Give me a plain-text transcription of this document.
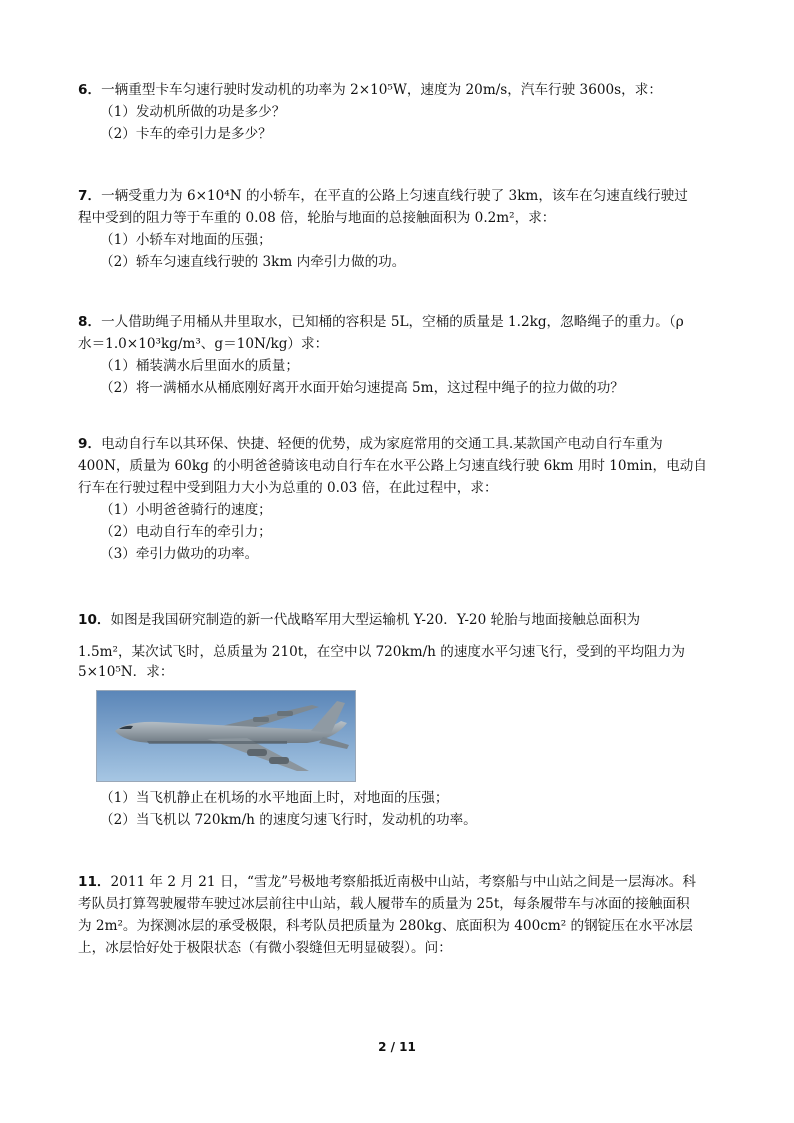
6．一辆重型卡车匀速行驶时发动机的功率为 2×10⁵W，速度为 20m/s，汽车行驶 3600s，求：
（1）发动机所做的功是多少？
（2）卡车的牵引力是多少？
7．一辆受重力为 6×10⁴N 的小轿车，在平直的公路上匀速直线行驶了 3km，该车在匀速直线行驶过
程中受到的阻力等于车重的 0.08 倍，轮胎与地面的总接触面积为 0.2m²，求：
（1）小轿车对地面的压强；
（2）轿车匀速直线行驶的 3km 内牵引力做的功。
8．一人借助绳子用桶从井里取水，已知桶的容积是 5L，空桶的质量是 1.2kg，忽略绳子的重力。（ρ
水＝1.0×10³kg/m³、g＝10N/kg）求：
（1）桶装满水后里面水的质量；
（2）将一满桶水从桶底刚好离开水面开始匀速提高 5m，这过程中绳子的拉力做的功？
9．电动自行车以其环保、快捷、轻便的优势，成为家庭常用的交通工具.某款国产电动自行车重为
400N，质量为 60kg 的小明爸爸骑该电动自行车在水平公路上匀速直线行驶 6km 用时 10min，电动自
行车在行驶过程中受到阻力大小为总重的 0.03 倍，在此过程中，求：
（1）小明爸爸骑行的速度；
（2）电动自行车的牵引力；
（3）牵引力做功的功率。
10．如图是我国研究制造的新一代战略军用大型运输机 Y-20．Y-20 轮胎与地面接触总面积为
1.5m²，某次试飞时，总质量为 210t，在空中以 720km/h 的速度水平匀速飞行，受到的平均阻力为
5×10⁵N．求：
（1）当飞机静止在机场的水平地面上时，对地面的压强；
（2）当飞机以 720km/h 的速度匀速飞行时，发动机的功率。
11．2011 年 2 月 21 日，“雪龙”号极地考察船抵近南极中山站，考察船与中山站之间是一层海冰。科
考队员打算驾驶履带车驶过冰层前往中山站，载人履带车的质量为 25t，每条履带车与冰面的接触面积
为 2m²。为探测冰层的承受极限，科考队员把质量为 280kg、底面积为 400cm² 的钢锭压在水平冰层
上，冰层恰好处于极限状态（有微小裂缝但无明显破裂）。问：
2 / 11
